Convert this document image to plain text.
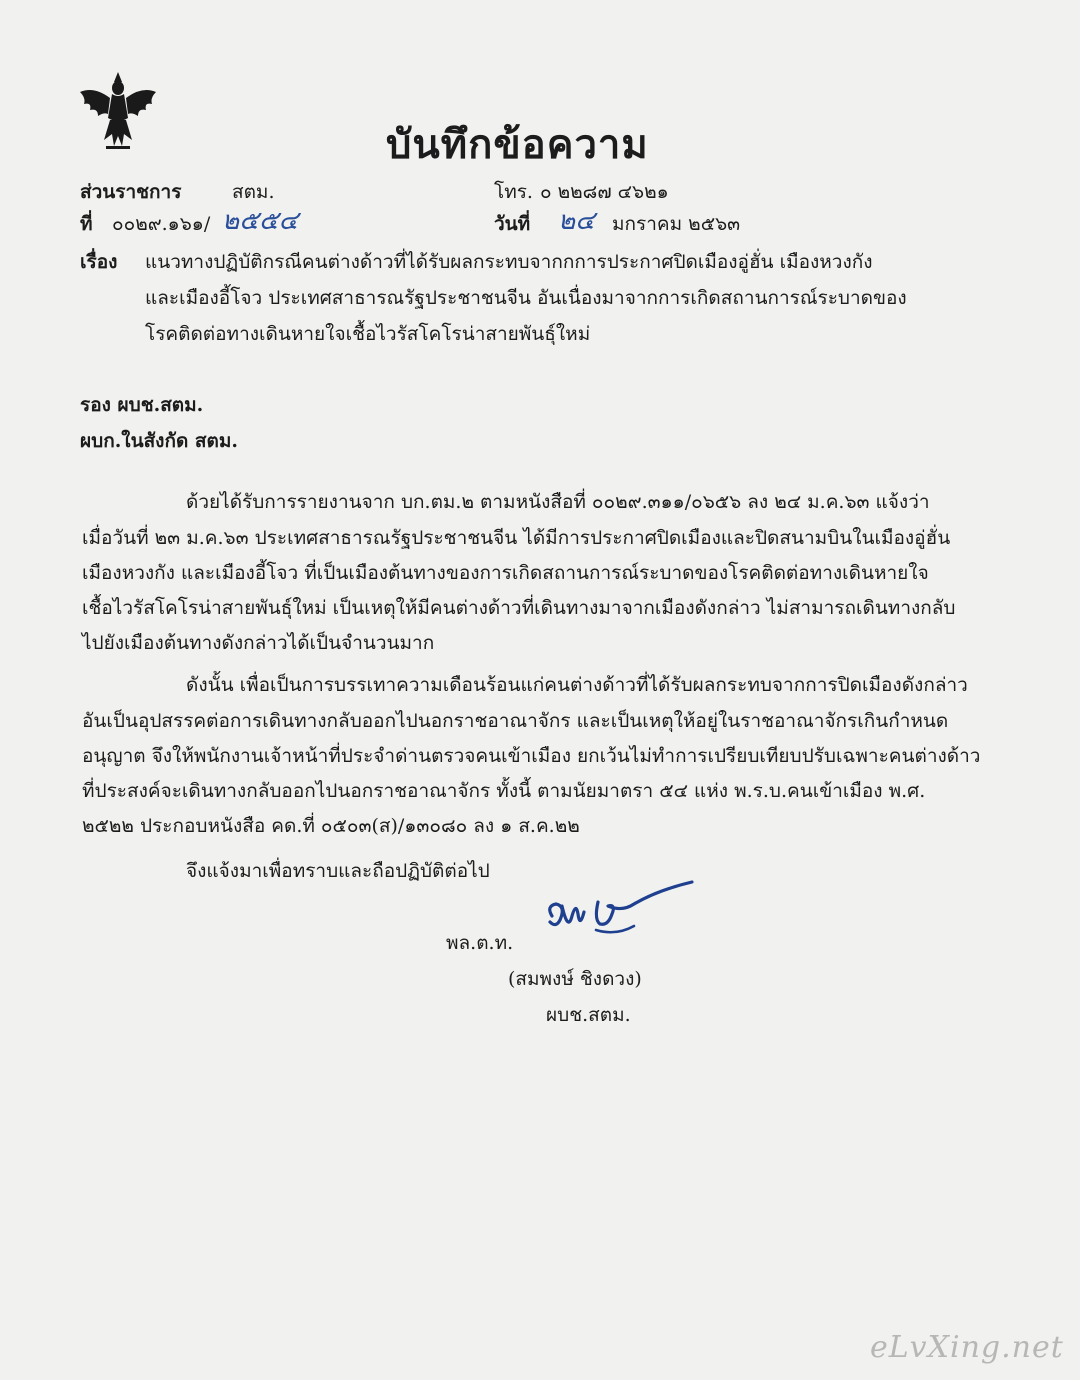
บันทึกข้อความ
ส่วนราชการ	สตม.	โทร. ๐ ๒๒๘๗ ๔๖๒๑
ที่ ๐๐๒๙.๑๖๑/ ๒๕๕๔	วันที่ ๒๔ มกราคม ๒๕๖๓
เรื่อง แนวทางปฏิบัติกรณีคนต่างด้าวที่ได้รับผลกระทบจากกการประกาศปิดเมืองอู่ฮั่น เมืองหวงกัง
และเมืองอี้โจว ประเทศสาธารณรัฐประชาชนจีน อันเนื่องมาจากการเกิดสถานการณ์ระบาดของ
โรคติดต่อทางเดินหายใจเชื้อไวรัสโคโรน่าสายพันธุ์ใหม่
รอง ผบช.สตม.
ผบก.ในสังกัด สตม.
ด้วยได้รับการรายงานจาก บก.ตม.๒ ตามหนังสือที่ ๐๐๒๙.๓๑๑/๐๖๕๖ ลง ๒๔ ม.ค.๖๓ แจ้งว่า
เมื่อวันที่ ๒๓ ม.ค.๖๓ ประเทศสาธารณรัฐประชาชนจีน ได้มีการประกาศปิดเมืองและปิดสนามบินในเมืองอู่ฮั่น
เมืองหวงกัง และเมืองอี้โจว ที่เป็นเมืองต้นทางของการเกิดสถานการณ์ระบาดของโรคติดต่อทางเดินหายใจ
เชื้อไวรัสโคโรน่าสายพันธุ์ใหม่ เป็นเหตุให้มีคนต่างด้าวที่เดินทางมาจากเมืองดังกล่าว ไม่สามารถเดินทางกลับ
ไปยังเมืองต้นทางดังกล่าวได้เป็นจำนวนมาก
ดังนั้น เพื่อเป็นการบรรเทาความเดือนร้อนแก่คนต่างด้าวที่ได้รับผลกระทบจากการปิดเมืองดังกล่าว
อันเป็นอุปสรรคต่อการเดินทางกลับออกไปนอกราชอาณาจักร และเป็นเหตุให้อยู่ในราชอาณาจักรเกินกำหนด
อนุญาต จึงให้พนักงานเจ้าหน้าที่ประจำด่านตรวจคนเข้าเมือง ยกเว้นไม่ทำการเปรียบเทียบปรับเฉพาะคนต่างด้าว
ที่ประสงค์จะเดินทางกลับออกไปนอกราชอาณาจักร ทั้งนี้ ตามนัยมาตรา ๕๔ แห่ง พ.ร.บ.คนเข้าเมือง พ.ศ.
๒๕๒๒ ประกอบหนังสือ คด.ที่ ๐๕๐๓(ส)/๑๓๐๘๐ ลง ๑ ส.ค.๒๒
จึงแจ้งมาเพื่อทราบและถือปฏิบัติต่อไป
พล.ต.ท.
(สมพงษ์ ชิงดวง)
ผบช.สตม.
eLvXing.net
